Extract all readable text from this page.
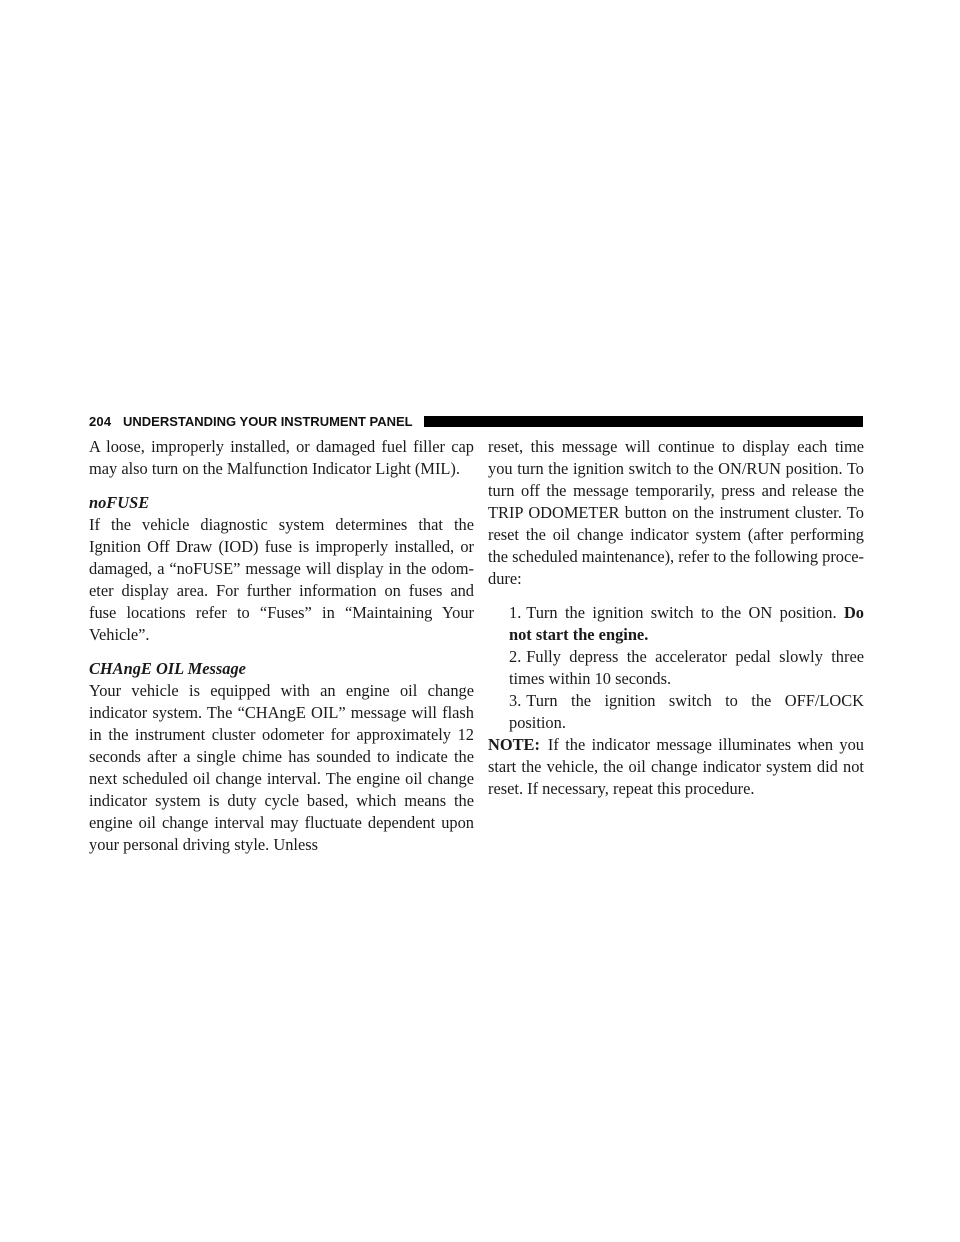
204 UNDERSTANDING YOUR INSTRUMENT PANEL

A loose, improperly installed, or damaged fuel filler cap may also turn on the Malfunction Indicator Light (MIL).

noFUSE

If the vehicle diagnostic system determines that the Ignition Off Draw (IOD) fuse is improperly installed, or damaged, a “noFUSE” message will display in the odom-eter display area. For further information on fuses and fuse locations refer to “Fuses” in “Maintaining Your Vehicle”.

CHAngE OIL Message

Your vehicle is equipped with an engine oil change indicator system. The “CHAngE OIL” message will flash in the instrument cluster odometer for approximately 12 seconds after a single chime has sounded to indicate the next scheduled oil change interval. The engine oil change indicator system is duty cycle based, which means the engine oil change interval may fluctuate dependent upon your personal driving style. Unless

reset, this message will continue to display each time you turn the ignition switch to the ON/RUN position. To turn off the message temporarily, press and release the TRIP ODOMETER button on the instrument cluster. To reset the oil change indicator system (after performing the scheduled maintenance), refer to the following proce-dure:

1. Turn the ignition switch to the ON position. Do not start the engine.

2. Fully depress the accelerator pedal slowly three times within 10 seconds.

3. Turn the ignition switch to the OFF/LOCK position.

NOTE: If the indicator message illuminates when you start the vehicle, the oil change indicator system did not reset. If necessary, repeat this procedure.
